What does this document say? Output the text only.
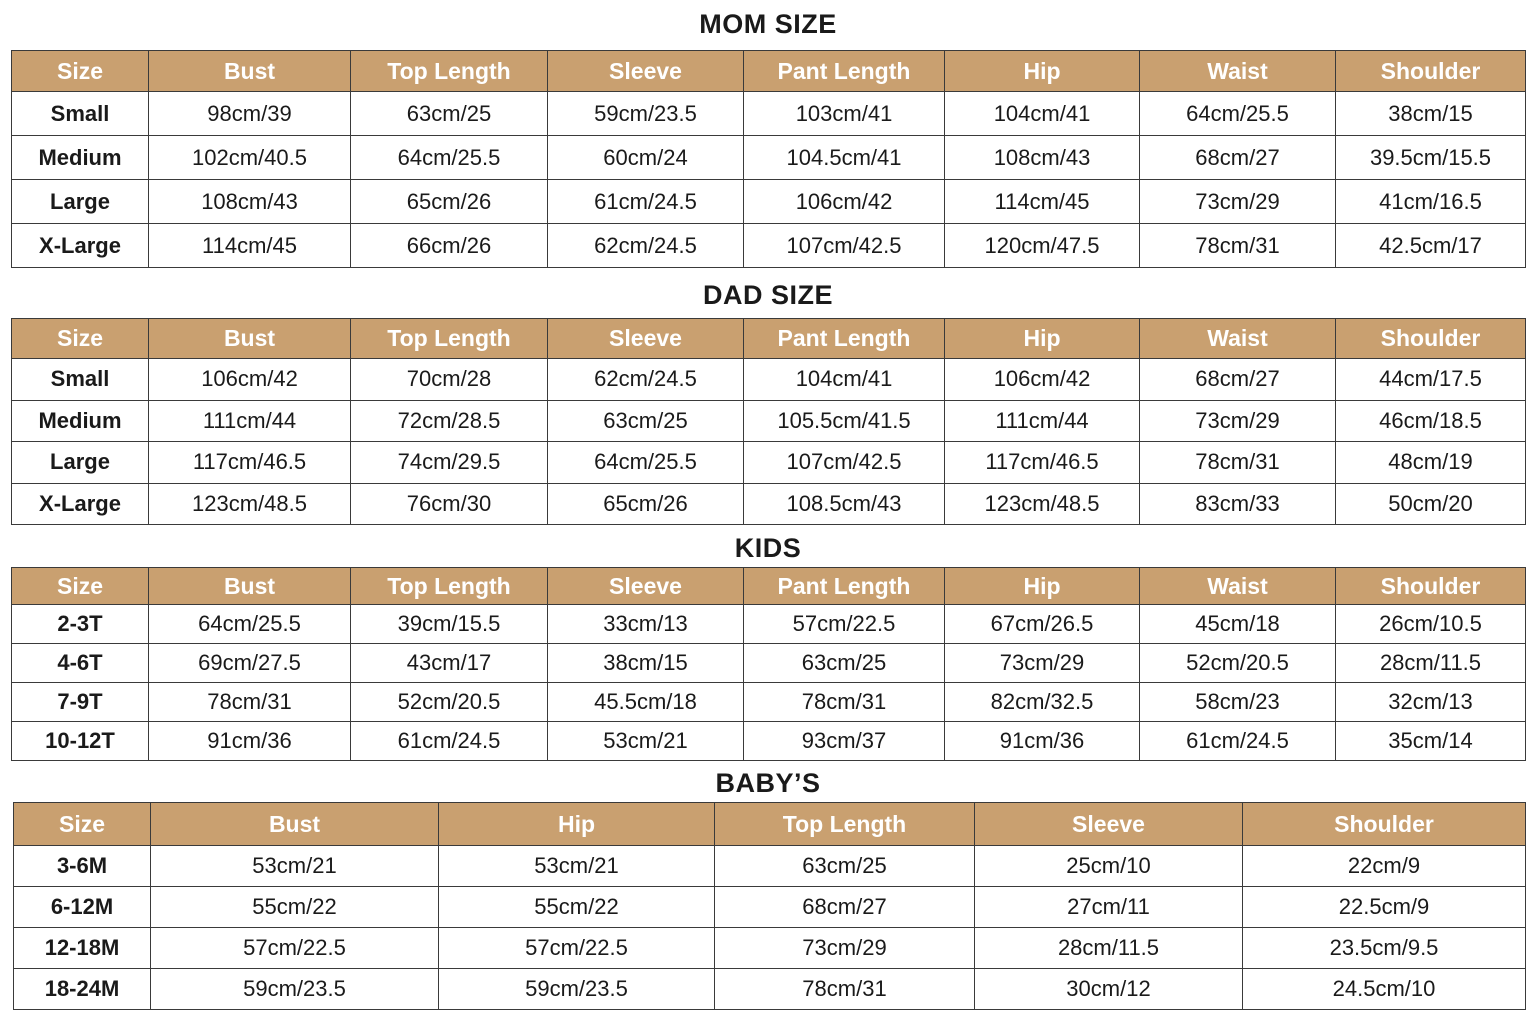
MOM SIZE
Size	Bust	Top Length	Sleeve	Pant Length	Hip	Waist	Shoulder
Small	98cm/39	63cm/25	59cm/23.5	103cm/41	104cm/41	64cm/25.5	38cm/15
Medium	102cm/40.5	64cm/25.5	60cm/24	104.5cm/41	108cm/43	68cm/27	39.5cm/15.5
Large	108cm/43	65cm/26	61cm/24.5	106cm/42	114cm/45	73cm/29	41cm/16.5
X-Large	114cm/45	66cm/26	62cm/24.5	107cm/42.5	120cm/47.5	78cm/31	42.5cm/17
DAD SIZE
Size	Bust	Top Length	Sleeve	Pant Length	Hip	Waist	Shoulder
Small	106cm/42	70cm/28	62cm/24.5	104cm/41	106cm/42	68cm/27	44cm/17.5
Medium	111cm/44	72cm/28.5	63cm/25	105.5cm/41.5	111cm/44	73cm/29	46cm/18.5
Large	117cm/46.5	74cm/29.5	64cm/25.5	107cm/42.5	117cm/46.5	78cm/31	48cm/19
X-Large	123cm/48.5	76cm/30	65cm/26	108.5cm/43	123cm/48.5	83cm/33	50cm/20
KIDS
Size	Bust	Top Length	Sleeve	Pant Length	Hip	Waist	Shoulder
2-3T	64cm/25.5	39cm/15.5	33cm/13	57cm/22.5	67cm/26.5	45cm/18	26cm/10.5
4-6T	69cm/27.5	43cm/17	38cm/15	63cm/25	73cm/29	52cm/20.5	28cm/11.5
7-9T	78cm/31	52cm/20.5	45.5cm/18	78cm/31	82cm/32.5	58cm/23	32cm/13
10-12T	91cm/36	61cm/24.5	53cm/21	93cm/37	91cm/36	61cm/24.5	35cm/14
BABY’S
Size	Bust	Hip	Top Length	Sleeve	Shoulder
3-6M	53cm/21	53cm/21	63cm/25	25cm/10	22cm/9
6-12M	55cm/22	55cm/22	68cm/27	27cm/11	22.5cm/9
12-18M	57cm/22.5	57cm/22.5	73cm/29	28cm/11.5	23.5cm/9.5
18-24M	59cm/23.5	59cm/23.5	78cm/31	30cm/12	24.5cm/10
